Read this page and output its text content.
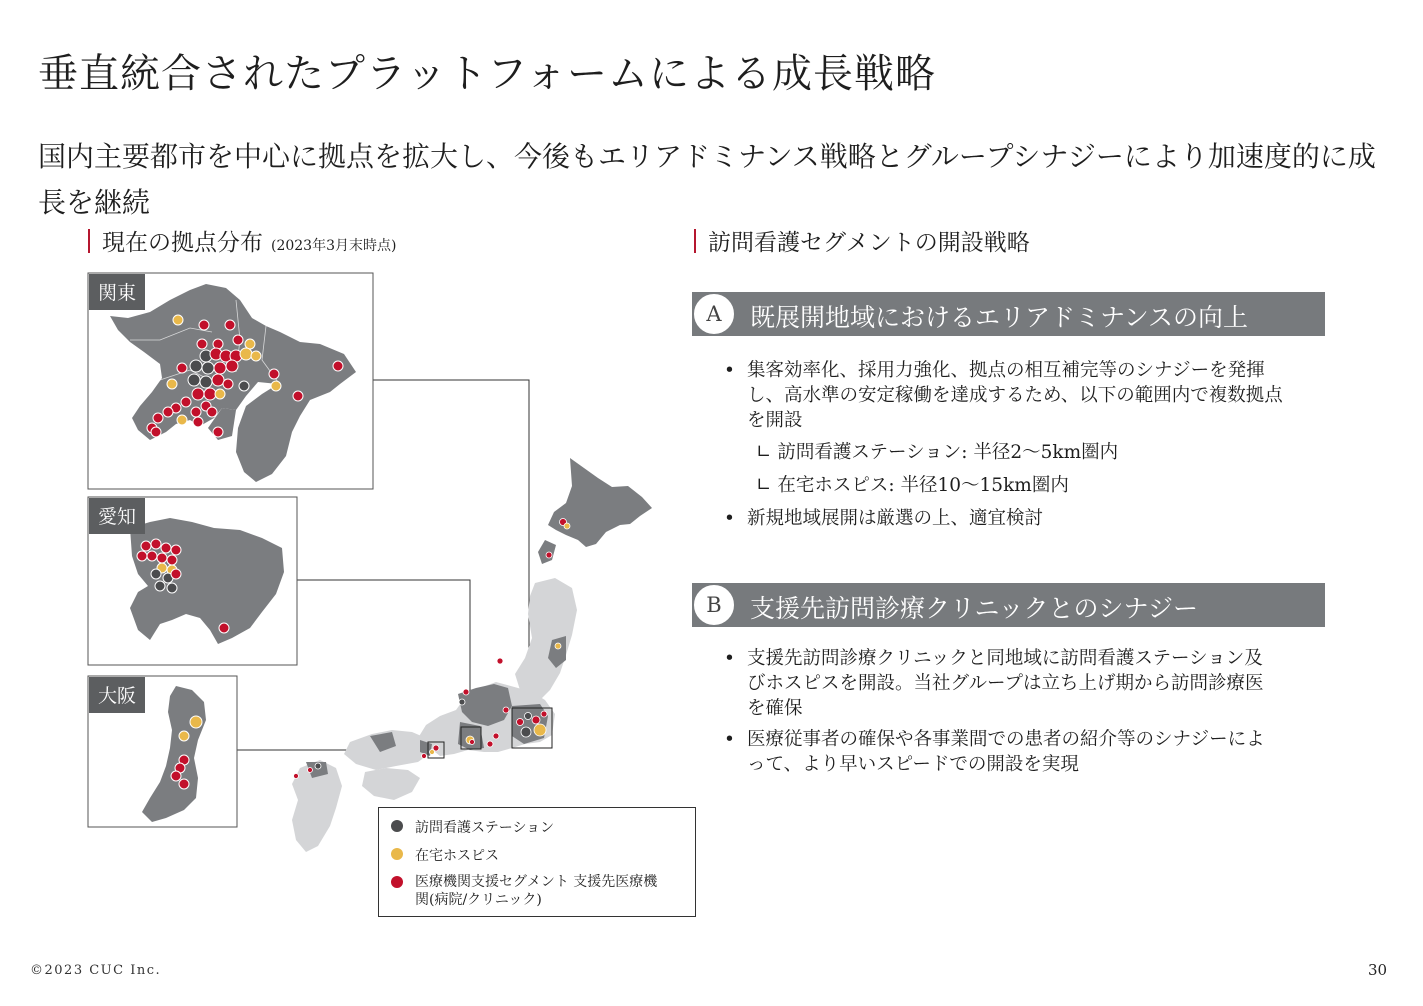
垂直統合されたプラットフォームによる成長戦略
国内主要都市を中心に拠点を拡大し、今後もエリアドミナンス戦略とグループシナジーにより加速度的に成長を継続
現在の拠点分布 (2023年3月末時点)	訪問看護セグメントの開設戦略
関東
愛知
大阪
訪問看護ステーション
在宅ホスピス
医療機関支援セグメント 支援先医療機関(病院/クリニック)
A	既展開地域におけるエリアドミナンスの向上
• 集客効率化、採用力強化、拠点の相互補完等のシナジーを発揮し、高水準の安定稼働を達成するため、以下の範囲内で複数拠点を開設
∟ 訪問看護ステーション: 半径2〜5km圏内
∟ 在宅ホスピス: 半径10〜15km圏内
• 新規地域展開は厳選の上、適宜検討
B	支援先訪問診療クリニックとのシナジー
• 支援先訪問診療クリニックと同地域に訪問看護ステーション及びホスピスを開設。当社グループは立ち上げ期から訪問診療医を確保
• 医療従事者の確保や各事業間での患者の紹介等のシナジーによって、より早いスピードでの開設を実現
©2023 CUC Inc.	30
